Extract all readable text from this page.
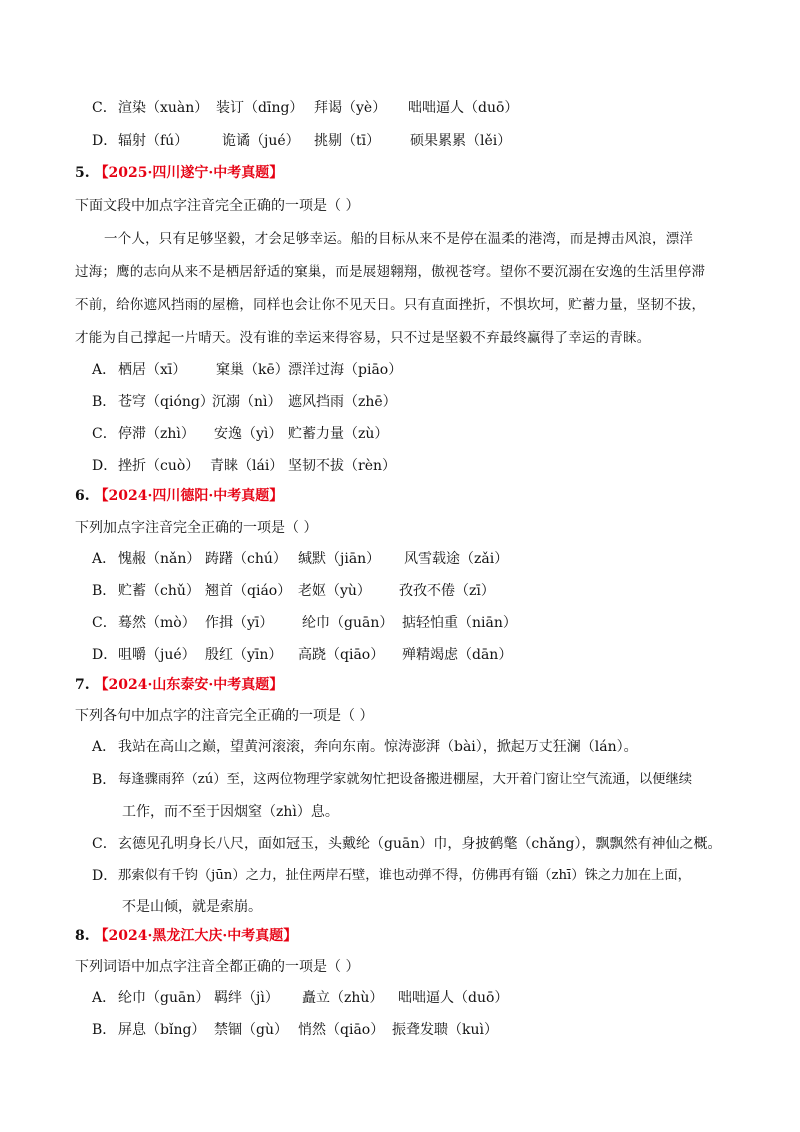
C． 渲染（xuàn） 装订（dīng） 拜谒（yè） 咄咄逼人（duō）
D． 辐射（fú） 诡谲（jué） 挑剔（tī） 硕果累累（lěi）
5. 【2025·四川遂宁·中考真题】
下面文段中加点字注音完全正确的一项是（ ）
一个人，只有足够坚毅，才会足够幸运。船的目标从来不是停在温柔的港湾，而是搏击风浪，漂洋
过海；鹰的志向从来不是栖居舒适的窠巢，而是展翅翱翔，傲视苍穹。望你不要沉溺在安逸的生活里停滞
不前，给你遮风挡雨的屋檐，同样也会让你不见天日。只有直面挫折，不惧坎坷，贮蓄力量，坚韧不拔，
才能为自己撑起一片晴天。没有谁的幸运来得容易，只不过是坚毅不弃最终赢得了幸运的青睐。
A． 栖居（xī） 窠巢（kē） 漂洋过海（piāo）
B． 苍穹（qióng）
沉溺（nì） 遮风挡雨（zhē）
C． 停滞（zhì） 安逸（yì） 贮蓄力量（zù）
D． 挫折（cuò） 青睐（lái） 坚韧不拔（rèn）
6. 【2024·四川德阳·中考真题】
下列加点字注音完全正确的一项是（ ）
A． 愧赧（nǎn） 踌躇（chú） 缄默（jiān） 风雪载途（zǎi）
B． 贮蓄（chǔ） 翘首（qiáo） 老妪（yù） 孜孜不倦（zī）
C． 蓦然（mò） 作揖（yī） 纶巾（guān） 掂轻怕重（niān）
D． 咀嚼（jué） 殷红（yīn） 高跷（qiāo） 殚精竭虑（dān）
7. 【2024·山东泰安·中考真题】
下列各句中加点字的注音完全正确的一项是（ ）
A． 我站在高山之巅，望黄河滚滚，奔向东南。惊涛澎湃（bài），掀起万丈狂澜（lán）。
B． 每逢骤雨猝（zú）至，这两位物理学家就匆忙把设备搬进棚屋，大开着门窗让空气流通，以便继续
工作，而不至于因烟窒（zhì）息。
C． 玄德见孔明身长八尺，面如冠玉，头戴纶（guān）巾，身披鹤氅（chǎng），飘飘然有神仙之概。
D． 那索似有千钧（jūn）之力，扯住两岸石壁，谁也动弹不得，仿佛再有锱（zhī）铢之力加在上面，
不是山倾，就是索崩。
8. 【2024·黑龙江大庆·中考真题】
下列词语中加点字注音全都正确的一项是（ ）
A． 纶巾（guān） 羁绊（jì） 矗立（zhù） 咄咄逼人（duō）
B． 屏息（bǐng） 禁锢（gù） 悄然（qiāo） 振聋发聩（kuì）
